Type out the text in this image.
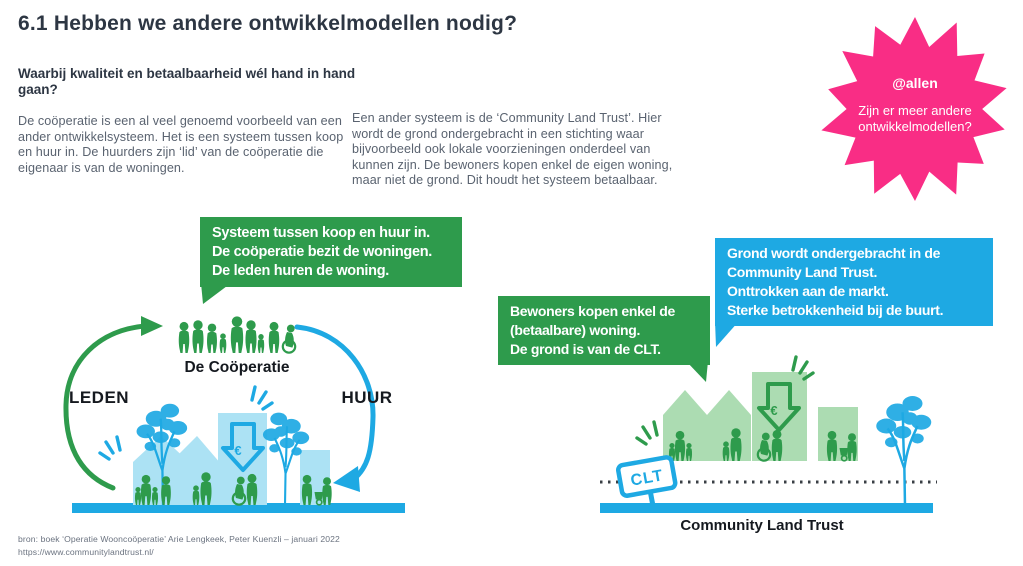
6.1 Hebben we andere ontwikkelmodellen nodig?
Waarbij kwaliteit en betaalbaarheid wél hand in hand gaan?
De coöperatie is een al veel genoemd voorbeeld van een ander ontwikkelsysteem. Het is een systeem tussen koop en huur in. De huurders zijn ‘lid’ van de coöperatie die eigenaar is van de woningen.
Een ander systeem is de ‘Community Land Trust’. Hier wordt de grond ondergebracht in een stichting waar bijvoorbeeld ook lokale voorzieningen onderdeel van kunnen zijn. De bewoners kopen enkel de eigen woning, maar niet de grond. Dit houdt het systeem betaalbaar.
@allen
Zijn er meer andere
ontwikkelmodellen?
€
De Coöperatie
LEDEN	HUUR
€
CLT
Community Land Trust
Systeem tussen koop en huur in.
De coöperatie bezit de woningen.
De leden huren de woning.
Bewoners kopen enkel de
(betaalbare) woning.
De grond is van de CLT.
Grond wordt ondergebracht in de
Community Land Trust.
Onttrokken aan de markt.
Sterke betrokkenheid bij de buurt.
bron: boek ‘Operatie Wooncoöperatie’ Arie Lengkeek, Peter Kuenzli – januari 2022
https://www.communitylandtrust.nl/
